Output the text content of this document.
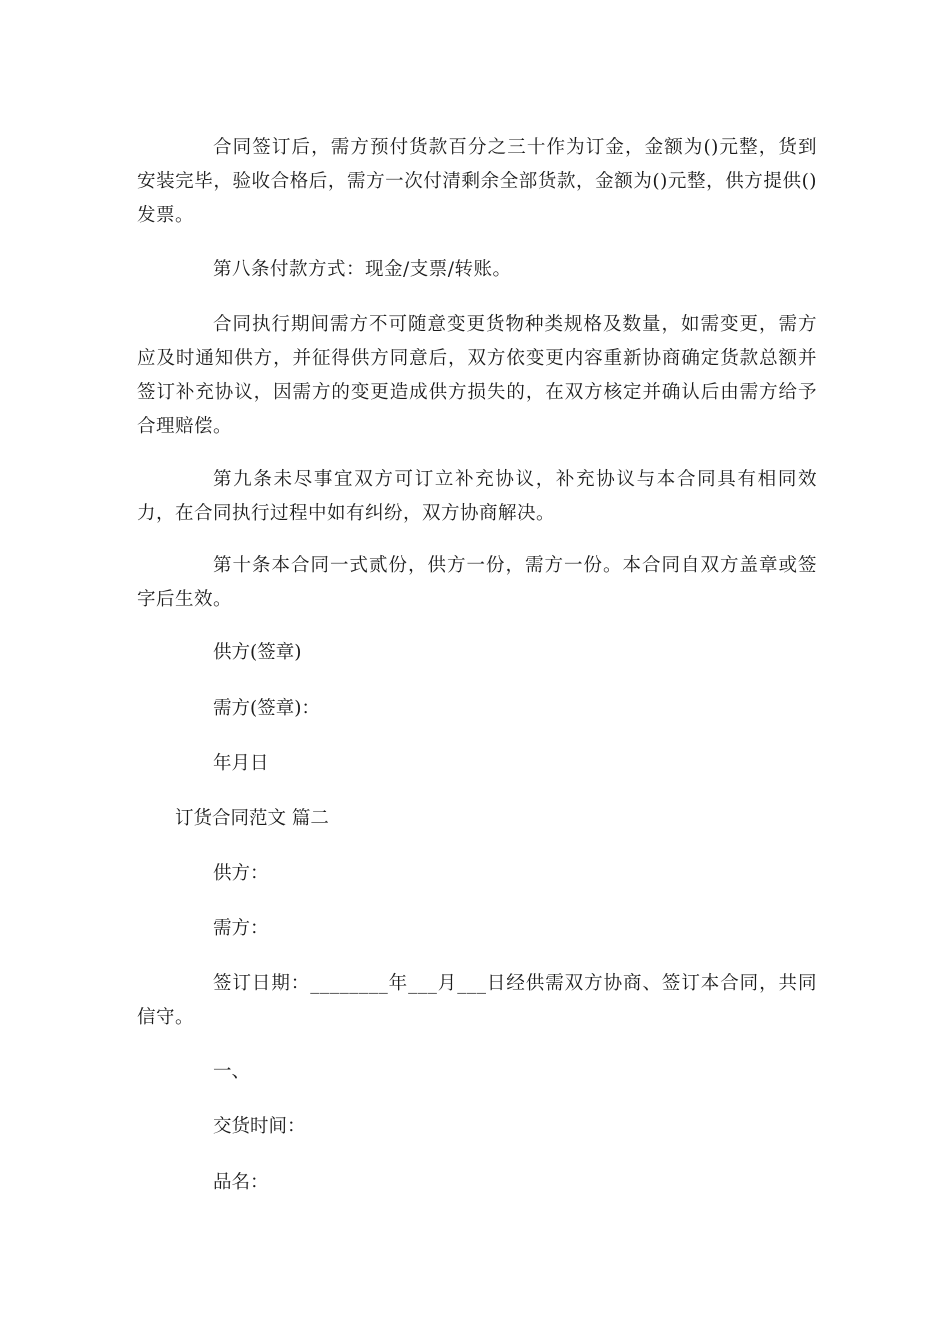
合同签订后，需方预付货款百分之三十作为订金，金额为()元整，货到安装完毕，验收合格后，需方一次付清剩余全部货款，金额为()元整，供方提供()发票。

第八条付款方式：现金/支票/转账。

合同执行期间需方不可随意变更货物种类规格及数量，如需变更，需方应及时通知供方，并征得供方同意后，双方依变更内容重新协商确定货款总额并签订补充协议，因需方的变更造成供方损失的，在双方核定并确认后由需方给予合理赔偿。

第九条未尽事宜双方可订立补充协议，补充协议与本合同具有相同效力，在合同执行过程中如有纠纷，双方协商解决。

第十条本合同一式贰份，供方一份，需方一份。本合同自双方盖章或签字后生效。

供方(签章)

需方(签章)：

年月日

订货合同范文 篇二

供方：

需方：

签订日期：________年___月___日经供需双方协商、签订本合同，共同信守。

一、

交货时间：

品名：
